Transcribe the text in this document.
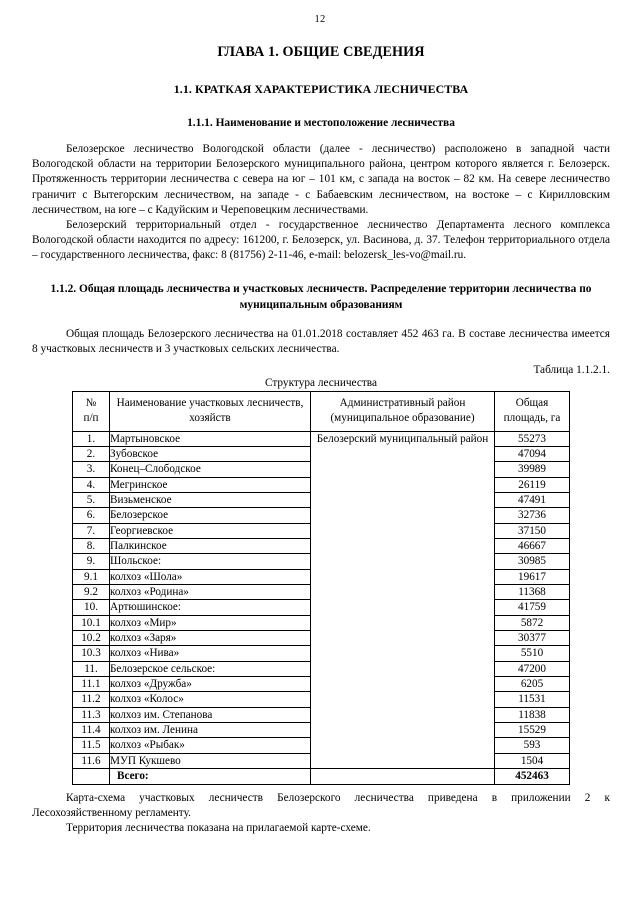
12
ГЛАВА 1. ОБЩИЕ СВЕДЕНИЯ
1.1. КРАТКАЯ ХАРАКТЕРИСТИКА ЛЕСНИЧЕСТВА
1.1.1. Наименование и местоположение лесничества

Белозерское лесничество Вологодской области (далее - лесничество) расположено в западной части Вологодской области на территории Белозерского муниципального района, центром которого является г. Белозерск. Протяженность территории лесничества с севера на юг – 101 км, с запада на восток – 82 км. На севере лесничество граничит с Вытегорским лесничеством, на западе - с Бабаевским лесничеством, на востоке – с Кирилловским лесничеством, на юге – с Кадуйским и Череповецким лесничествами.

Белозерский территориальный отдел - государственное лесничество Департамента лесного комплекса Вологодской области находится по адресу: 161200, г. Белозерск, ул. Васинова, д. 37. Телефон территориального отдела – государственного лесничества, факс: 8 (81756) 2-11-46, e-mail: belozersk_les-vo@mail.ru.

1.1.2. Общая площадь лесничества и участковых лесничеств. Распределение территории лесничества по муниципальным образованиям

Общая площадь Белозерского лесничества на 01.01.2018 составляет 452 463 га. В составе лесничества имеется 8 участковых лесничеств и 3 участковых сельских лесничества.

Таблица 1.1.2.1.
Структура лесничества
№
п/п	Наименование участковых лесничеств, хозяйств	Административный район (муниципальное образование)	Общая площадь, га
1.	Мартыновское	Белозерский муниципальный район	55273
2.	Зубовское		47094
3.	Конец–Слободское		39989
4.	Мегринское		26119
5.	Визьменское		47491
6.	Белозерское		32736
7.	Георгиевское		37150
8.	Палкинское		46667
9.	Шольское:		30985
9.1	колхоз «Шола»		19617
9.2	колхоз «Родина»		11368
10.	Артюшинское:		41759
10.1	колхоз «Мир»		5872
10.2	колхоз «Заря»		30377
10.3	колхоз «Нива»		5510
11.	Белозерское сельское:		47200
11.1	колхоз «Дружба»		6205
11.2	колхоз «Колос»		11531
11.3	колхоз им. Степанова		11838
11.4	колхоз им. Ленина		15529
11.5	колхоз «Рыбак»		593
11.6	МУП Кукшево		1504
	Всего:		452463

Карта-схема участковых лесничеств Белозерского лесничества приведена в приложении 2 к Лесохозяйственному регламенту.

Территория лесничества показана на прилагаемой карте-схеме.
